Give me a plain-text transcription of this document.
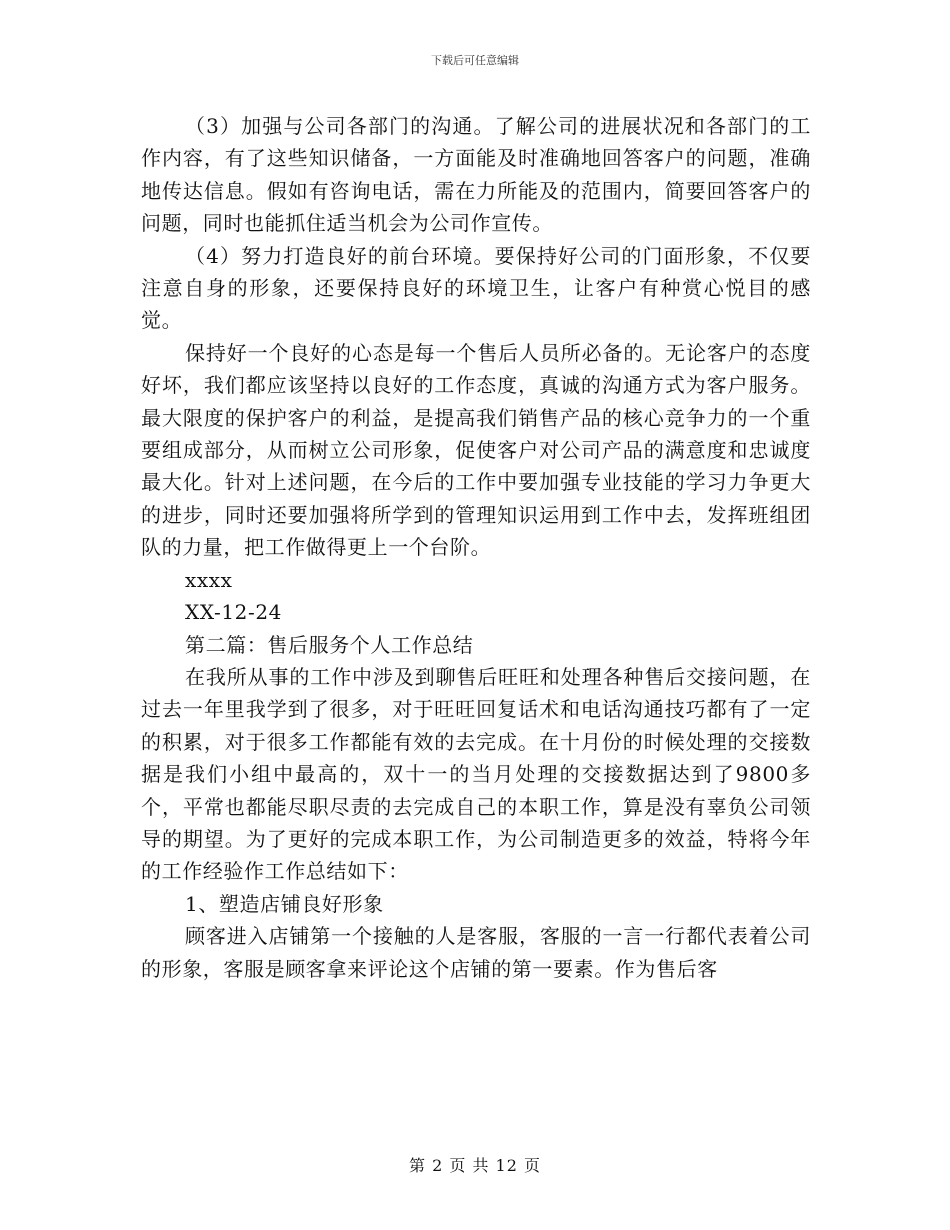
下载后可任意编辑

（3）加强与公司各部门的沟通。了解公司的进展状况和各部门的工作内容，有了这些知识储备，一方面能及时准确地回答客户的问题，准确地传达信息。假如有咨询电话，需在力所能及的范围内，简要回答客户的问题，同时也能抓住适当机会为公司作宣传。

（4）努力打造良好的前台环境。要保持好公司的门面形象，不仅要注意自身的形象，还要保持良好的环境卫生，让客户有种赏心悦目的感觉。

保持好一个良好的心态是每一个售后人员所必备的。无论客户的态度好坏，我们都应该坚持以良好的工作态度，真诚的沟通方式为客户服务。最大限度的保护客户的利益，是提高我们销售产品的核心竞争力的一个重要组成部分，从而树立公司形象，促使客户对公司产品的满意度和忠诚度最大化。针对上述问题，在今后的工作中要加强专业技能的学习力争更大的进步，同时还要加强将所学到的管理知识运用到工作中去，发挥班组团队的力量，把工作做得更上一个台阶。

xxxx

XX-12-24

第二篇：售后服务个人工作总结

在我所从事的工作中涉及到聊售后旺旺和处理各种售后交接问题，在过去一年里我学到了很多，对于旺旺回复话术和电话沟通技巧都有了一定的积累，对于很多工作都能有效的去完成。在十月份的时候处理的交接数据是我们小组中最高的，双十一的当月处理的交接数据达到了9800多个，平常也都能尽职尽责的去完成自己的本职工作，算是没有辜负公司领导的期望。为了更好的完成本职工作，为公司制造更多的效益，特将今年的工作经验作工作总结如下：

1、塑造店铺良好形象

顾客进入店铺第一个接触的人是客服，客服的一言一行都代表着公司的形象，客服是顾客拿来评论这个店铺的第一要素。作为售后客

第 2 页 共 12 页
